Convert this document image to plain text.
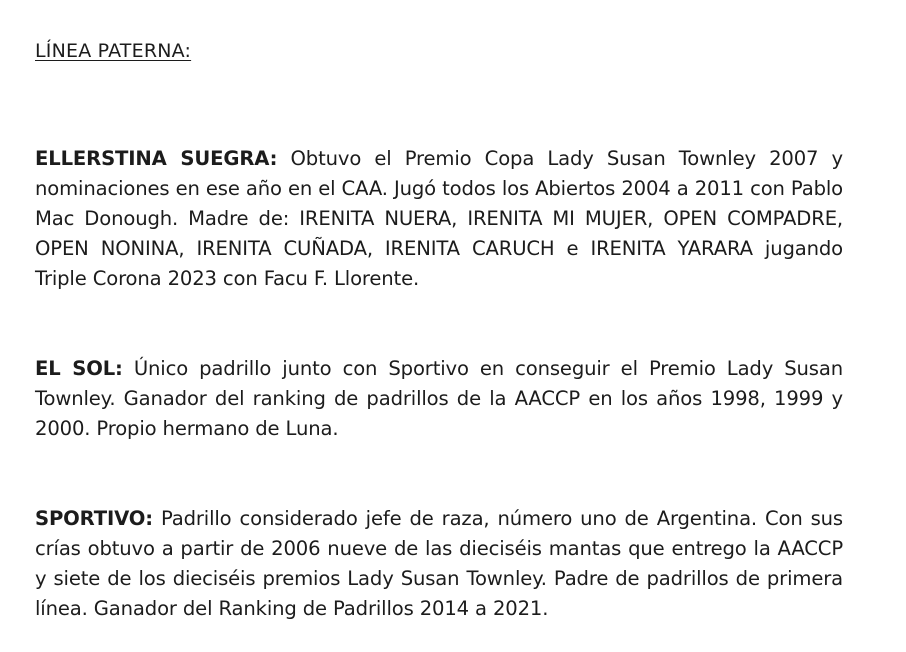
LÍNEA PATERNA:

ELLERSTINA SUEGRA: Obtuvo el Premio Copa Lady Susan Townley 2007 y nominaciones en ese año en el CAA. Jugó todos los Abiertos 2004 a 2011 con Pablo Mac Donough. Madre de: IRENITA NUERA, IRENITA MI MUJER, OPEN COMPADRE, OPEN NONINA, IRENITA CUÑADA, IRENITA CARUCH e IRENITA YARARA jugando Triple Corona 2023 con Facu F. Llorente.

EL SOL: Único padrillo junto con Sportivo en conseguir el Premio Lady Susan Townley. Ganador del ranking de padrillos de la AACCP en los años 1998, 1999 y 2000. Propio hermano de Luna.

SPORTIVO: Padrillo considerado jefe de raza, número uno de Argentina. Con sus crías obtuvo a partir de 2006 nueve de las dieciséis mantas que entrego la AACCP y siete de los dieciséis premios Lady Susan Townley. Padre de padrillos de primera línea. Ganador del Ranking de Padrillos 2014 a 2021.
